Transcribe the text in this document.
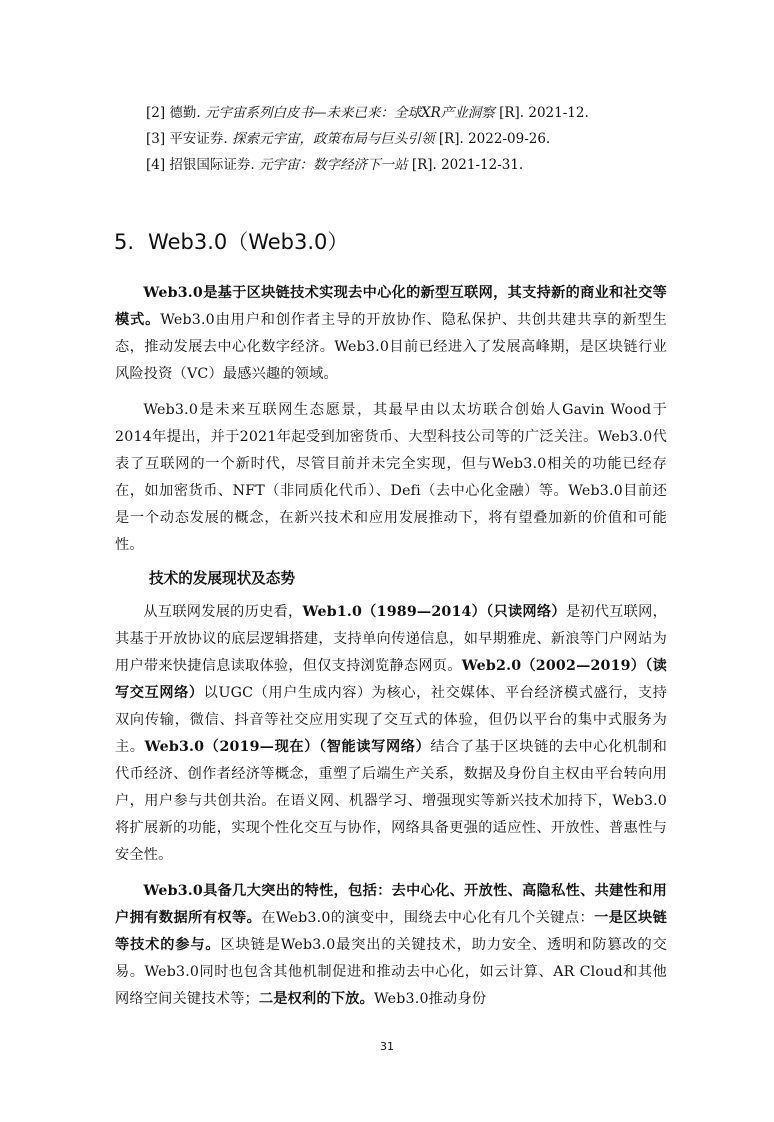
[2] 德勤. 元宇宙系列白皮书—未来已来：全球XR产业洞察 [R]. 2021-12.
[3] 平安证券. 探索元宇宙，政策布局与巨头引领 [R]. 2022-09-26.
[4] 招银国际证券. 元宇宙：数字经济下一站 [R]. 2021-12-31.
5. Web3.0（Web3.0）

Web3.0是基于区块链技术实现去中心化的新型互联网，其支持新的商业和社交等模式。Web3.0由用户和创作者主导的开放协作、隐私保护、共创共建共享的新型生态，推动发展去中心化数字经济。Web3.0目前已经进入了发展高峰期，是区块链行业风险投资（VC）最感兴趣的领域。

Web3.0是未来互联网生态愿景，其最早由以太坊联合创始人Gavin Wood于2014年提出，并于2021年起受到加密货币、大型科技公司等的广泛关注。Web3.0代表了互联网的一个新时代，尽管目前并未完全实现，但与Web3.0相关的功能已经存在，如加密货币、NFT（非同质化代币）、Defi（去中心化金融）等。Web3.0目前还是一个动态发展的概念，在新兴技术和应用发展推动下，将有望叠加新的价值和可能性。

技术的发展现状及态势

从互联网发展的历史看，Web1.0（1989—2014）（只读网络）是初代互联网，其基于开放协议的底层逻辑搭建，支持单向传递信息，如早期雅虎、新浪等门户网站为用户带来快捷信息读取体验，但仅支持浏览静态网页。Web2.0（2002—2019）（读写交互网络）以UGC（用户生成内容）为核心，社交媒体、平台经济模式盛行，支持双向传输，微信、抖音等社交应用实现了交互式的体验，但仍以平台的集中式服务为主。Web3.0（2019—现在）（智能读写网络）结合了基于区块链的去中心化机制和代币经济、创作者经济等概念，重塑了后端生产关系，数据及身份自主权由平台转向用户，用户参与共创共治。在语义网、机器学习、增强现实等新兴技术加持下，Web3.0将扩展新的功能，实现个性化交互与协作，网络具备更强的适应性、开放性、普惠性与安全性。

Web3.0具备几大突出的特性，包括：去中心化、开放性、高隐私性、共建性和用户拥有数据所有权等。在Web3.0的演变中，围绕去中心化有几个关键点：一是区块链等技术的参与。区块链是Web3.0最突出的关键技术，助力安全、透明和防篡改的交易。Web3.0同时也包含其他机制促进和推动去中心化，如云计算、AR Cloud和其他网络空间关键技术等；二是权利的下放。Web3.0推动身份

31
